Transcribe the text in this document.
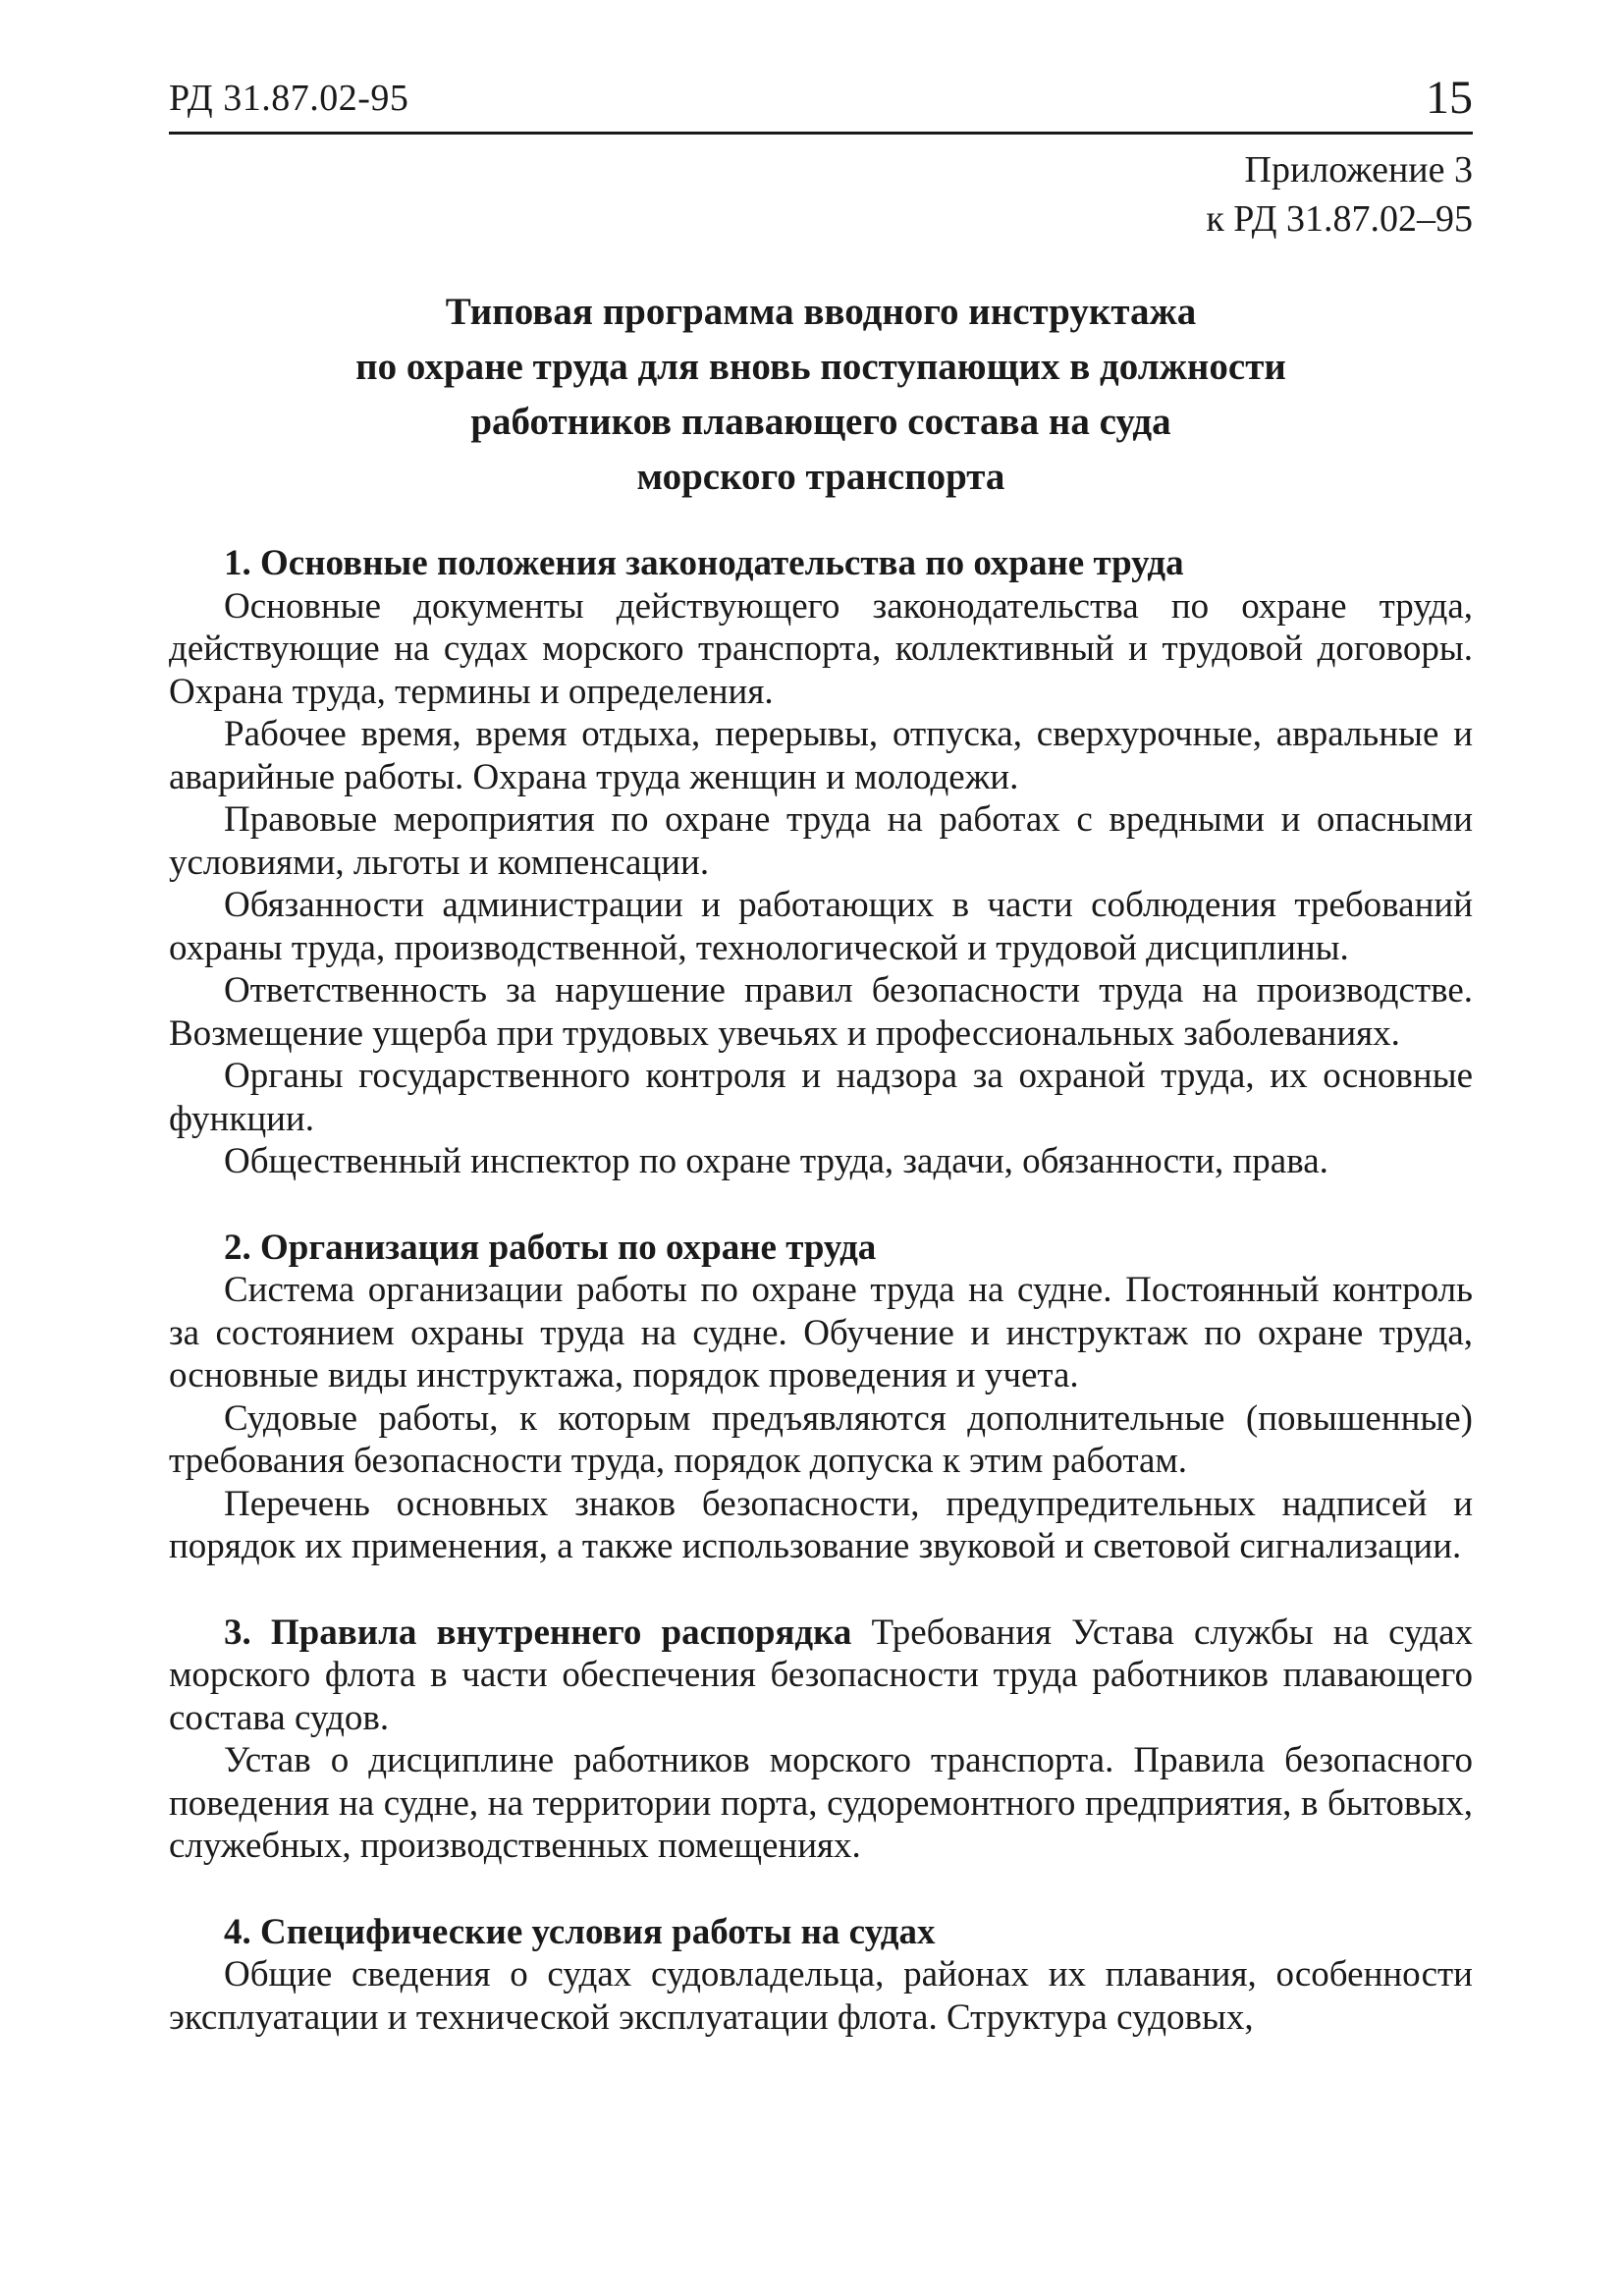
РД 31.87.02-95	15
Приложение 3
к РД 31.87.02–95
Типовая программа вводного инструктажа
по охране труда для вновь поступающих в должности
работников плавающего состава на суда
морского транспорта
1. Основные положения законодательства по охране труда

Основные документы действующего законодательства по охране труда, действующие на судах морского транспорта, коллективный и трудовой договоры. Охрана труда, термины и определения.

Рабочее время, время отдыха, перерывы, отпуска, сверхурочные, авральные и аварийные работы. Охрана труда женщин и молодежи.

Правовые мероприятия по охране труда на работах с вредными и опасными условиями, льготы и компенсации.

Обязанности администрации и работающих в части соблюдения требований охраны труда, производственной, технологической и трудовой дисциплины.

Ответственность за нарушение правил безопасности труда на производстве. Возмещение ущерба при трудовых увечьях и профессиональных заболеваниях.

Органы государственного контроля и надзора за охраной труда, их основные функции.

Общественный инспектор по охране труда, задачи, обязанности, права.

2. Организация работы по охране труда

Система организации работы по охране труда на судне. Постоянный контроль за состоянием охраны труда на судне. Обучение и инструктаж по охране труда, основные виды инструктажа, порядок проведения и учета.

Судовые работы, к которым предъявляются дополнительные (повышенные) требования безопасности труда, порядок допуска к этим работам.

Перечень основных знаков безопасности, предупредительных надписей и порядок их применения, а также использование звуковой и световой сигнализации.

3. Правила внутреннего распорядка Требования Устава службы на судах морского флота в части обеспечения безопасности труда работников плавающего состава судов.

Устав о дисциплине работников морского транспорта. Правила безопасного поведения на судне, на территории порта, судоремонтного предприятия, в бытовых, служебных, производственных помещениях.

4. Специфические условия работы на судах

Общие сведения о судах судовладельца, районах их плавания, особенности эксплуатации и технической эксплуатации флота. Структура судовых,
